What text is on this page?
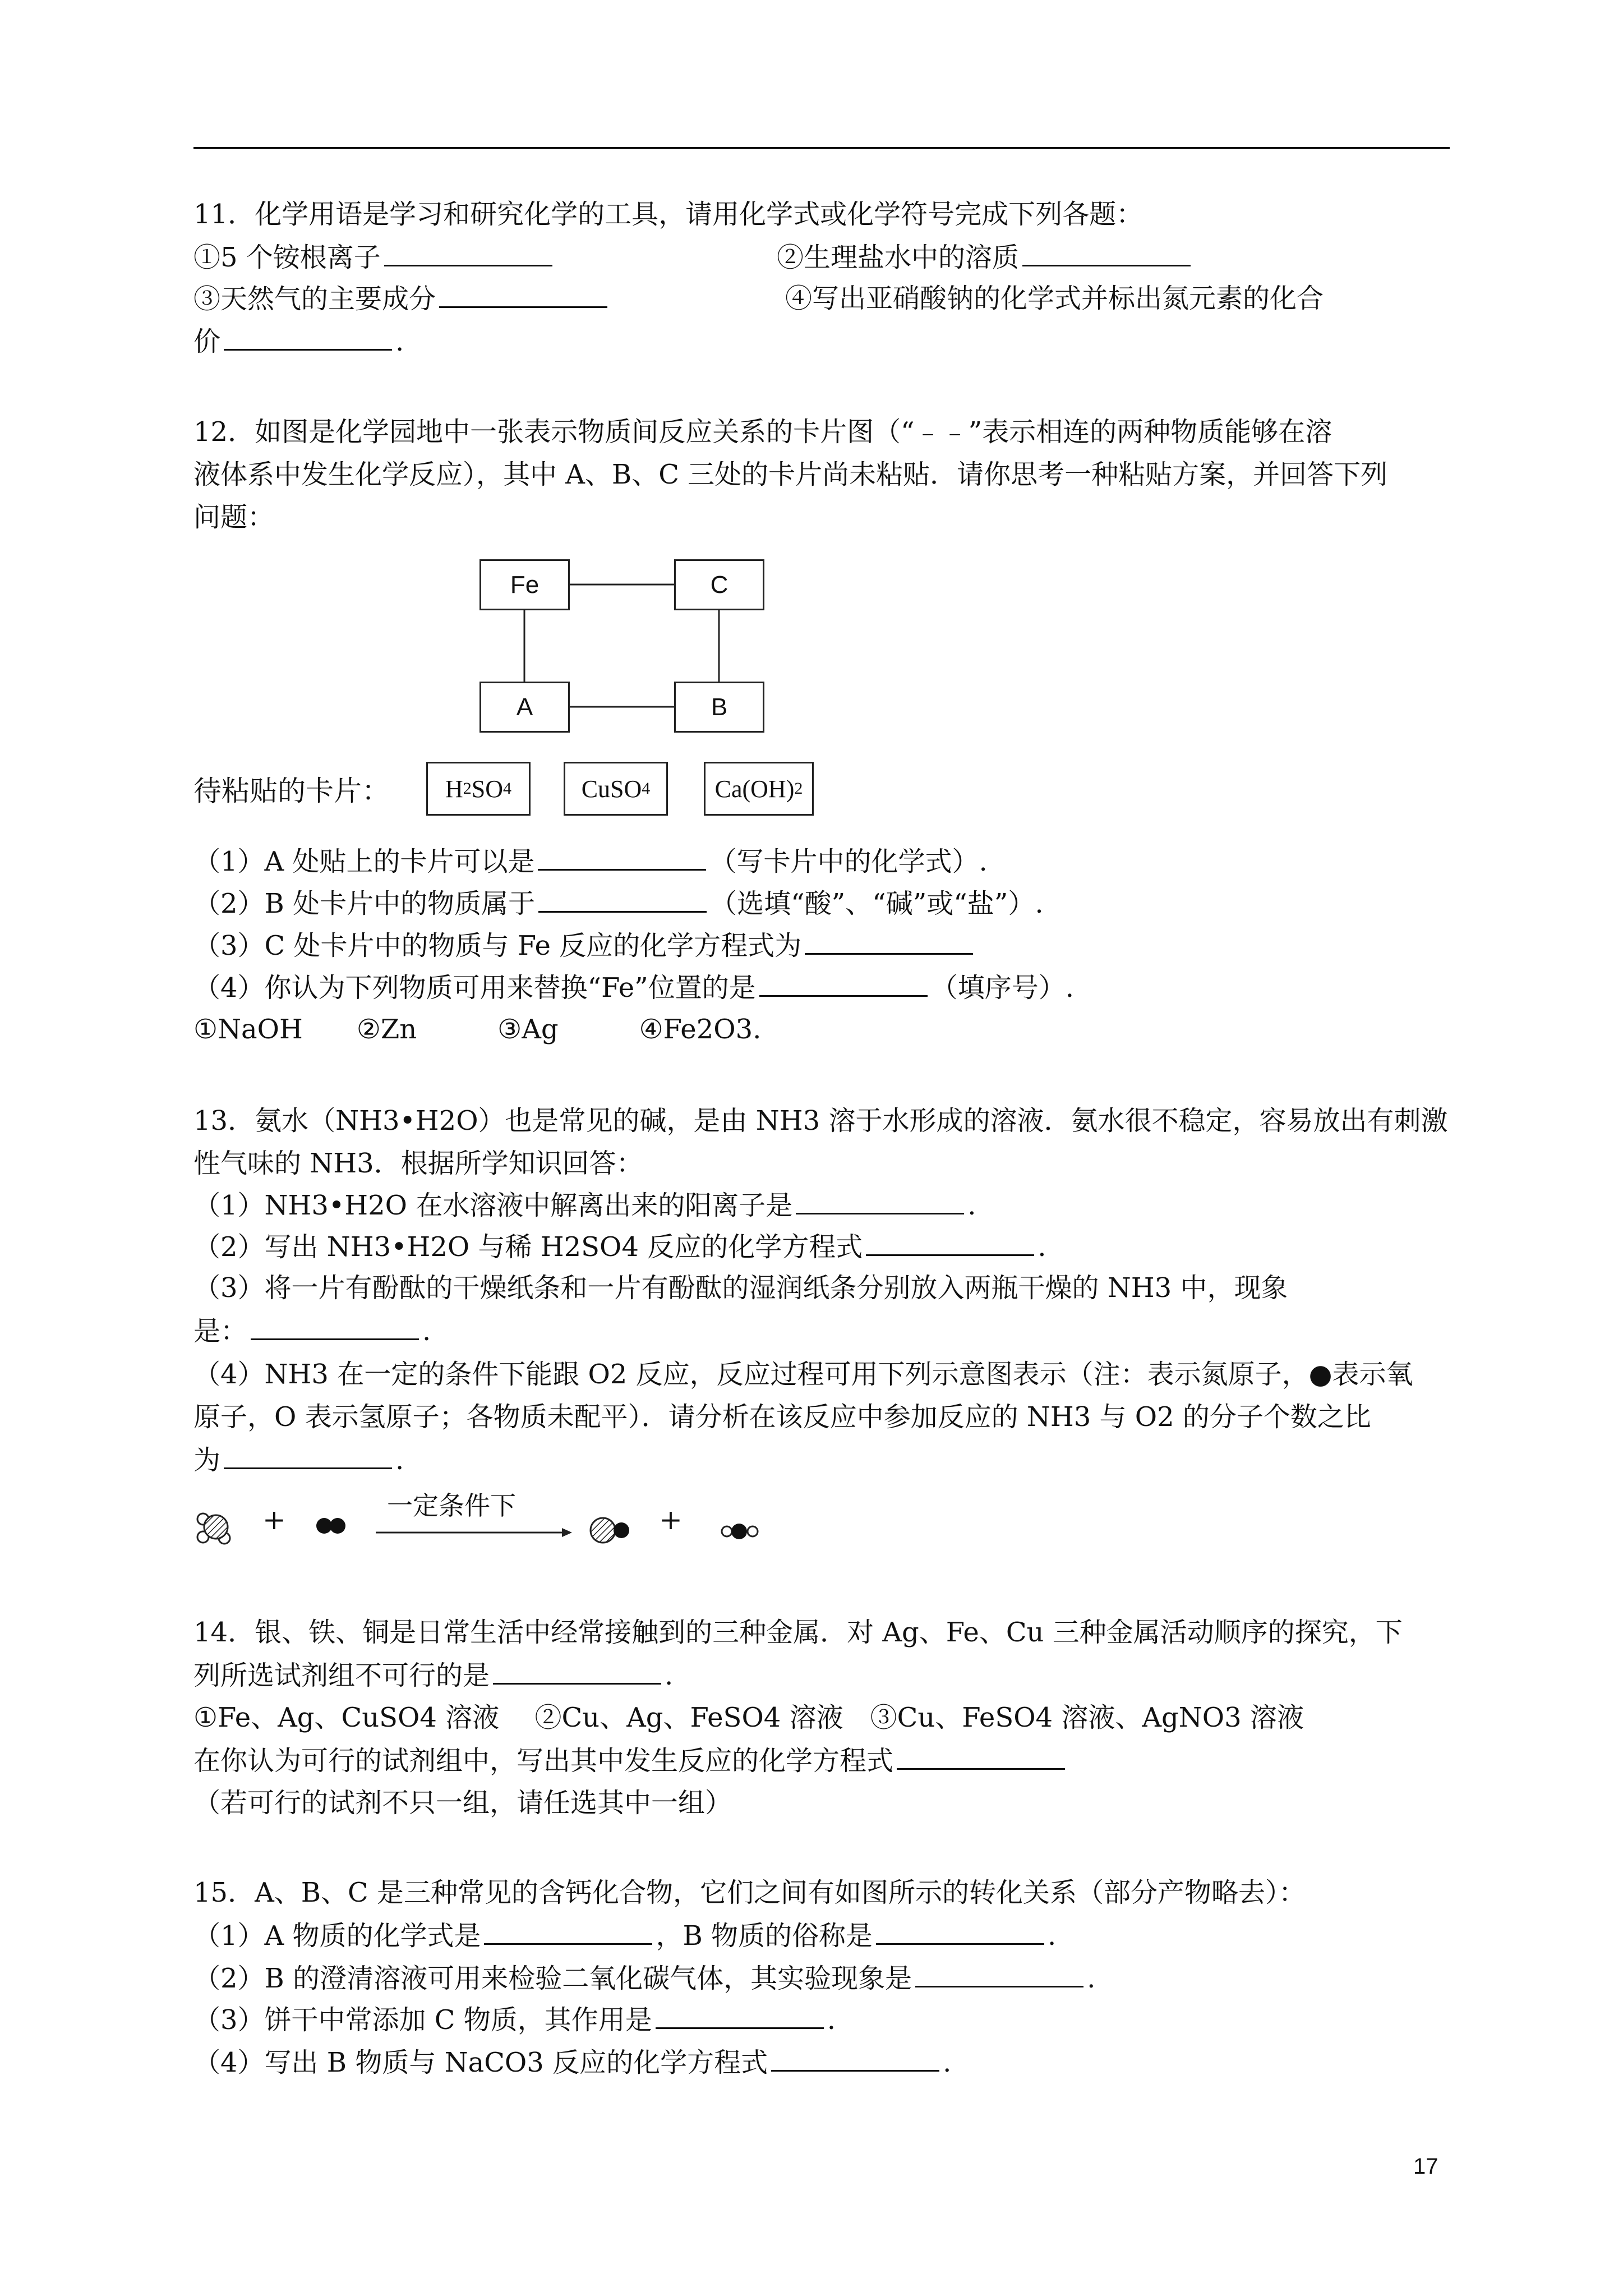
11．化学用语是学习和研究化学的工具，请用化学式或化学符号完成下列各题：
①5 个铵根离子	②生理盐水中的溶质
③天然气的主要成分	④写出亚硝酸钠的化学式并标出氮元素的化合
价	.
12．如图是化学园地中一张表示物质间反应关系的卡片图（“﹣﹣”表示相连的两种物质能够在溶
液体系中发生化学反应），其中 A、B、C 三处的卡片尚未粘贴．请你思考一种粘贴方案，并回答下列
问题：
Fe	C
A	B
待粘贴的卡片：	H 2 SO 4	CuSO 4	Ca(OH) 2
（1）A 处贴上的卡片可以是	（写卡片中的化学式）.
（2）B 处卡片中的物质属于	（选填“酸”、“碱”或“盐”）.
（3）C 处卡片中的物质与 Fe 反应的化学方程式为
（4）你认为下列物质可用来替换“Fe”位置的是	（填序号）.
①NaOH　　②Zn　　　③Ag　　　④Fe2O3.
13．氨水（NH3•H2O）也是常见的碱，是由 NH3 溶于水形成的溶液．氨水很不稳定，容易放出有刺激
性气味的 NH3．根据所学知识回答：
（1）NH3•H2O 在水溶液中解离出来的阳离子是	.
（2）写出 NH3•H2O 与稀 H2SO4 反应的化学方程式	.
（3）将一片有酚酞的干燥纸条和一片有酚酞的湿润纸条分别放入两瓶干燥的 NH3 中，现象
是：	.
（4）NH3 在一定的条件下能跟 O2 反应，反应过程可用下列示意图表示（注：表示氮原子，●表示氧
原子，O 表示氢原子；各物质未配平）．请分析在该反应中参加反应的 NH3 与 O2 的分子个数之比
为	.
+	+
一定条件下
14．银、铁、铜是日常生活中经常接触到的三种金属．对 Ag、Fe、Cu 三种金属活动顺序的探究，下
列所选试剂组不可行的是	.
①Fe、Ag、CuSO4 溶液　 ②Cu、Ag、FeSO4 溶液　③Cu、FeSO4 溶液、AgNO3 溶液
在你认为可行的试剂组中，写出其中发生反应的化学方程式
（若可行的试剂不只一组，请任选其中一组）
15．A、B、C 是三种常见的含钙化合物，它们之间有如图所示的转化关系（部分产物略去）：
（1）A 物质的化学式是	，B 物质的俗称是	.
（2）B 的澄清溶液可用来检验二氧化碳气体，其实验现象是	.
（3）饼干中常添加 C 物质，其作用是	.
（4）写出 B 物质与 NaCO3 反应的化学方程式	.
17
